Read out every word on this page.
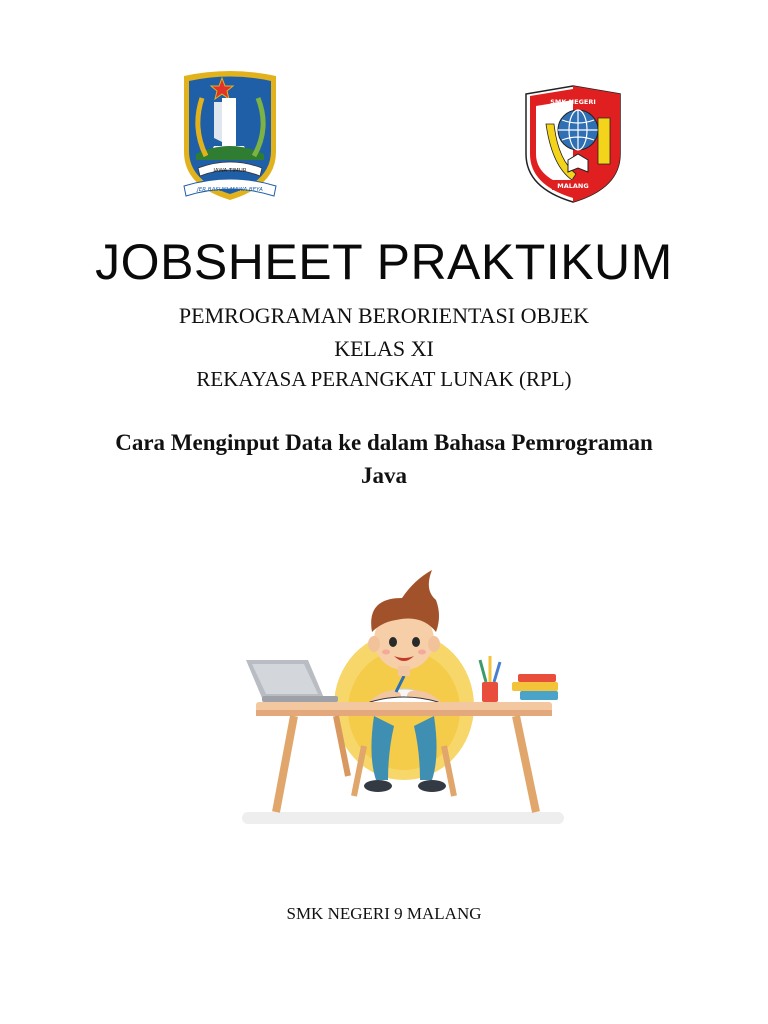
JAWA TIMUR
JER BASUKI MAWA BEYA
SMK NEGERI
MALANG
JOBSHEET PRAKTIKUM
PEMROGRAMAN BERORIENTASI OBJEK
KELAS XI
REKAYASA PERANGKAT LUNAK (RPL)
Cara Menginput Data ke dalam Bahasa Pemrograman
Java
SMK NEGERI 9 MALANG
